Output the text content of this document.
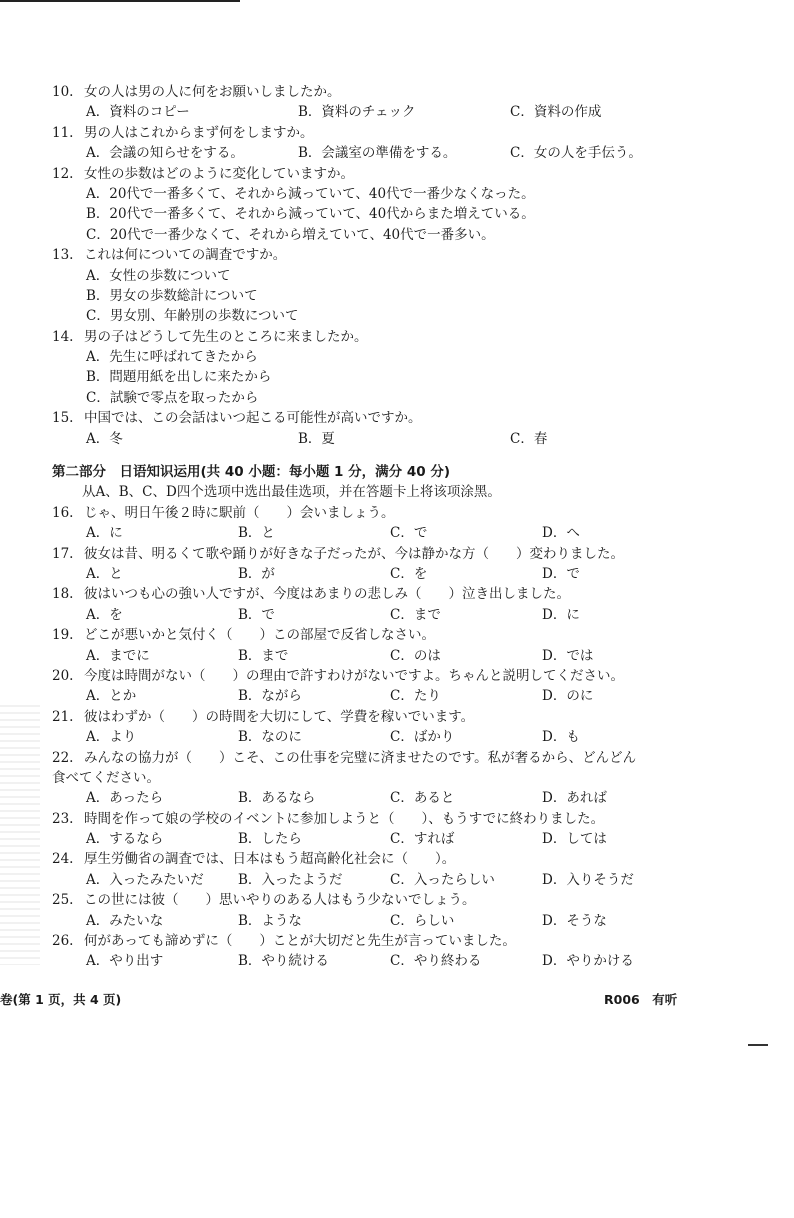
10. 女の人は男の人に何をお願いしましたか。
A．資料のコピー	B．資料のチェック	C．資料の作成
11. 男の人はこれからまず何をしますか。
A．会議の知らせをする。	B．会議室の準備をする。	C．女の人を手伝う。
12. 女性の歩数はどのように変化していますか。
A．20代で一番多くて、それから減っていて、40代で一番少なくなった。
B．20代で一番多くて、それから減っていて、40代からまた増えている。
C．20代で一番少なくて、それから増えていて、40代で一番多い。
13. これは何についての調査ですか。
A．女性の歩数について
B．男女の歩数総計について
C．男女別、年齢別の歩数について
14. 男の子はどうして先生のところに来ましたか。
A．先生に呼ばれてきたから
B．問題用紙を出しに来たから
C．試験で零点を取ったから
15. 中国では、この会話はいつ起こる可能性が高いですか。
A．冬	B．夏	C．春
第二部分　日语知识运用(共 40 小题：每小题 1 分，满分 40 分)
从A、B、C、D四个选项中选出最佳选项，并在答题卡上将该项涂黑。
16. じゃ、明日午後２時に駅前（　　）会いましょう。
A．に	B．と	C．で	D．へ
17. 彼女は昔、明るくて歌や踊りが好きな子だったが、今は静かな方（　　）変わりました。
A．と	B．が	C．を	D．で
18. 彼はいつも心の強い人ですが、今度はあまりの悲しみ（　　）泣き出しました。
A．を	B．で	C．まで	D．に
19. どこが悪いかと気付く（　　）この部屋で反省しなさい。
A．までに	B．まで	C．のは	D．では
20. 今度は時間がない（　　）の理由で許すわけがないですよ。ちゃんと説明してください。
A．とか	B．ながら	C．たり	D．のに
21. 彼はわずか（　　）の時間を大切にして、学費を稼いでいます。
A．より	B．なのに	C．ばかり	D．も
22. みんなの協力が（　　）こそ、この仕事を完璧に済ませたのです。私が奢るから、どんどん
食べてください。
A．あったら	B．あるなら	C．あると	D．あれば
23. 時間を作って娘の学校のイベントに参加しようと（　　）、もうすでに終わりました。
A．するなら	B．したら	C．すれば	D．しては
24. 厚生労働省の調査では、日本はもう超高齢化社会に（　　）。
A．入ったみたいだ	B．入ったようだ	C．入ったらしい	D．入りそうだ
25. この世には彼（　　）思いやりのある人はもう少ないでしょう。
A．みたいな	B．ような	C．らしい	D．そうな
26. 何があっても諦めずに（　　）ことが大切だと先生が言っていました。
A．やり出す	B．やり続ける	C．やり終わる	D．やりかける
卷(第 1 页，共 4 页)	R006　有听
